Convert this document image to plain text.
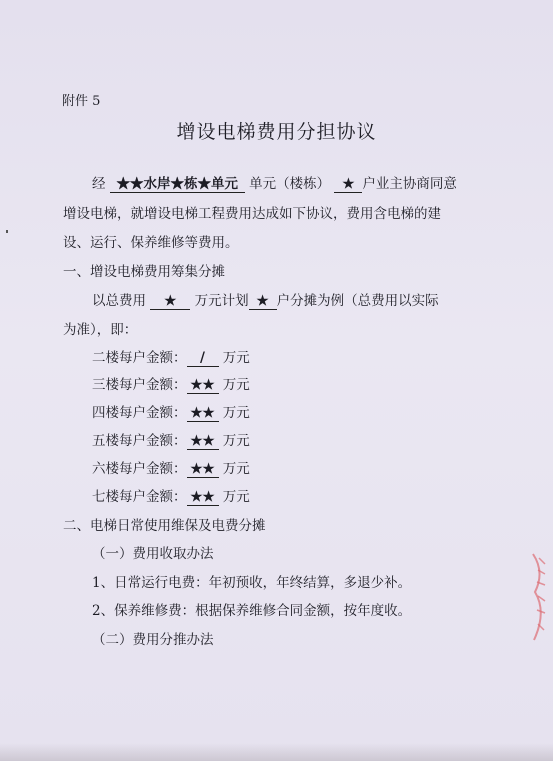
附件 5
增设电梯费用分担协议
经 ★★水岸★栋★单元 单元（楼栋） ★ 户业主协商同意
增设电梯，就增设电梯工程费用达成如下协议，费用含电梯的建
设、运行、保养维修等费用。
一、增设电梯费用筹集分摊
以总费用 ★ 万元计划 ★ 户分摊为例（总费用以实际
为准），即：
二楼每户金额： / 万元
三楼每户金额： ★★ 万元
四楼每户金额： ★★ 万元
五楼每户金额： ★★ 万元
六楼每户金额： ★★ 万元
七楼每户金额： ★★ 万元
二、电梯日常使用维保及电费分摊
（一）费用收取办法
1、日常运行电费：年初预收，年终结算，多退少补。
2、保养维修费：根据保养维修合同金额，按年度收。
（二）费用分推办法
